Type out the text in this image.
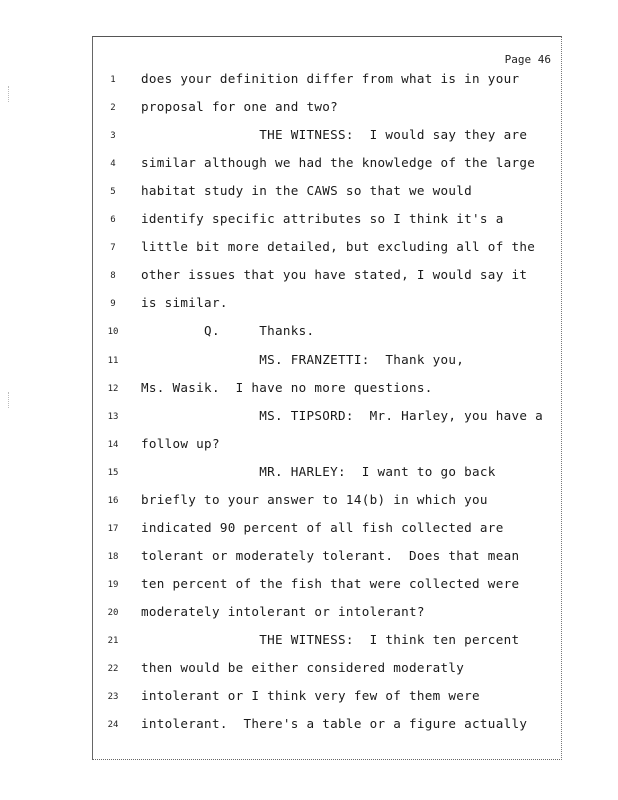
Page 46
1	does your definition differ from what is in your
2	proposal for one and two?
3	THE WITNESS:  I would say they are
4	similar although we had the knowledge of the large
5	habitat study in the CAWS so that we would
6	identify specific attributes so I think it's a
7	little bit more detailed, but excluding all of the
8	other issues that you have stated, I would say it
9	is similar.
10	Q.     Thanks.
11	MS. FRANZETTI:  Thank you,
12	Ms. Wasik.  I have no more questions.
13	MS. TIPSORD:  Mr. Harley, you have a
14	follow up?
15	MR. HARLEY:  I want to go back
16	briefly to your answer to 14(b) in which you
17	indicated 90 percent of all fish collected are
18	tolerant or moderately tolerant.  Does that mean
19	ten percent of the fish that were collected were
20	moderately intolerant or intolerant?
21	THE WITNESS:  I think ten percent
22	then would be either considered moderatly
23	intolerant or I think very few of them were
24	intolerant.  There's a table or a figure actually
